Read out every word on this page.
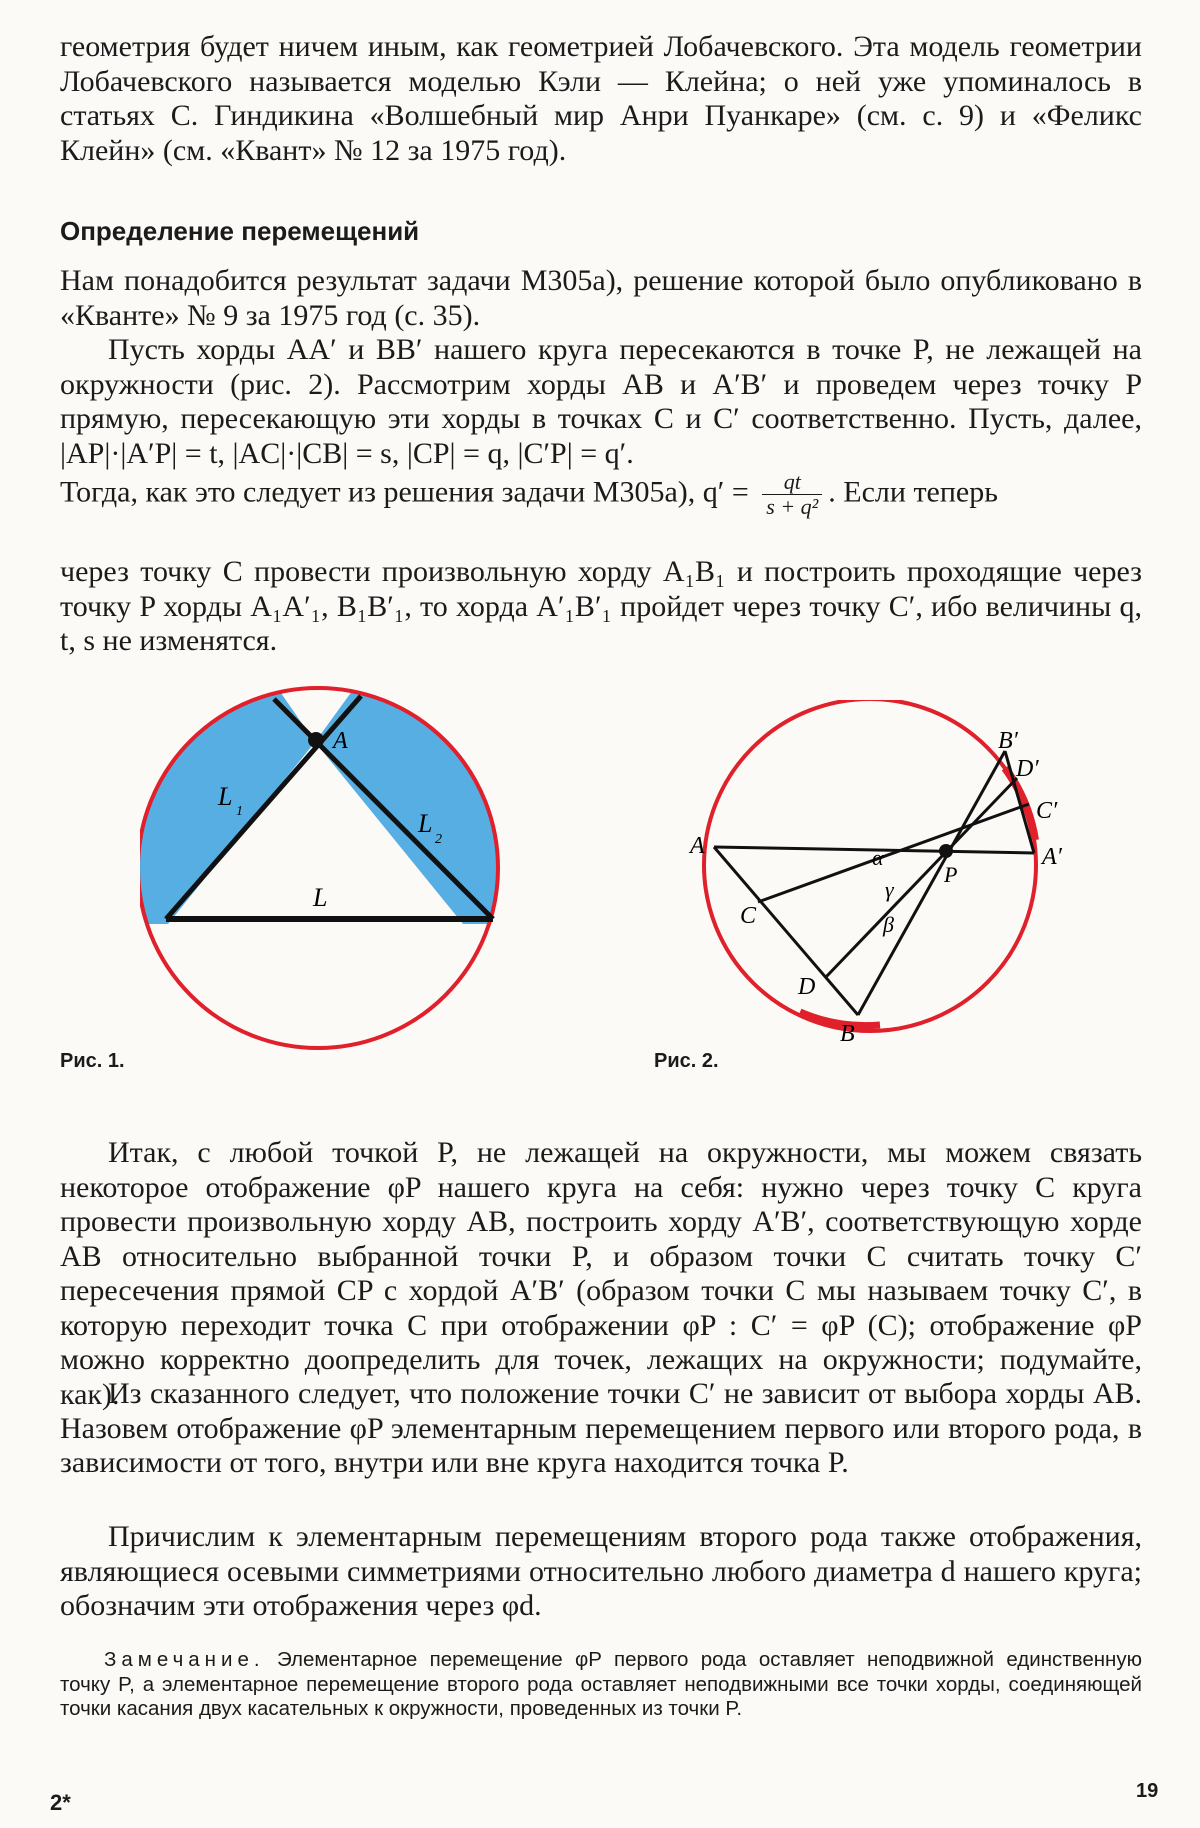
геометрия будет ничем иным, как геометрией Лобачевского. Эта модель геометрии Лобачевского называется моделью Кэли — Клейна; о ней уже упоминалось в статьях С. Гиндикина «Волшебный мир Анри Пуанкаре» (см. с. 9) и «Феликс Клейн» (см. «Квант» № 12 за 1975 год).

Определение перемещений

Нам понадобится результат задачи М305а), решение которой было опубликовано в «Кванте» № 9 за 1975 год (с. 35).

Пусть хорды AA′ и BB′ нашего круга пересекаются в точке P, не лежащей на окружности (рис. 2). Рассмотрим хорды AB и A′B′ и проведем через точку P прямую, пересекающую эти хорды в точках C и C′ соответственно. Пусть, далее, |AP|·|A′P| = t, |AC|·|CB| = s, |CP| = q, |C′P| = q′.

Тогда, как это следует из решения задачи М305а), $q' = \frac{qt}{\text{s + q²}}$ . Если теперь

через точку C провести произвольную хорду A₁B₁ и построить проходящие через точку P хорды A₁A′₁, B₁B′₁, то хорда A′₁B′₁ пройдет через точку C′, ибо величины q, t, s не изменятся.

A
L
1	L
2
L
Рис. 1.
A	A′
B′
D′
C′
P
α
γ
β
C
D
B
Рис. 2.

Итак, с любой точкой P, не лежащей на окружности, мы можем связать некоторое отображение φP нашего круга на себя: нужно через точку C круга провести произвольную хорду AB, построить хорду A′B′, соответствующую хорде AB относительно выбранной точки P, и образом точки C считать точку C′ пересечения прямой CP с хордой A′B′ (образом точки C мы называем точку C′, в которую переходит точка C при отображении φP : C′ = φP (C); отображение φP можно корректно доопределить для точек, лежащих на окружности; подумайте, как).

Из сказанного следует, что положение точки C′ не зависит от выбора хорды AB. Назовем отображение φP элементарным перемещением первого или второго рода, в зависимости от того, внутри или вне круга находится точка P.

Причислим к элементарным перемещениям второго рода также отображения, являющиеся осевыми симметриями относительно любого диаметра d нашего круга; обозначим эти отображения через φd.

Замечание. Элементарное перемещение φP первого рода оставляет неподвижной единственную точку P, а элементарное перемещение второго рода оставляет неподвижными все точки хорды, соединяющей точки касания двух касательных к окружности, проведенных из точки P.

19
2*
